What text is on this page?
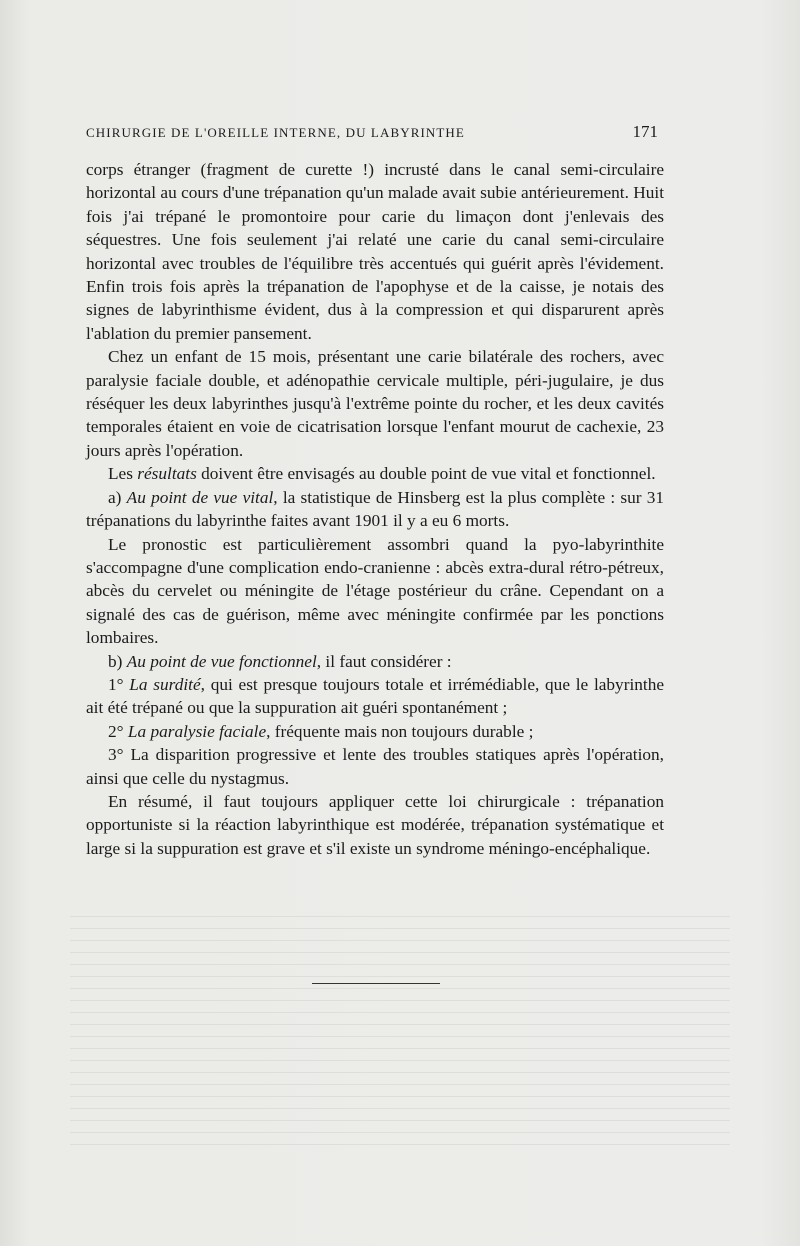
CHIRURGIE DE L'OREILLE INTERNE, DU LABYRINTHE	171

corps étranger (fragment de curette !) incrusté dans le canal semi-circulaire horizontal au cours d'une trépanation qu'un malade avait subie antérieurement. Huit fois j'ai trépané le promontoire pour carie du limaçon dont j'enlevais des séquestres. Une fois seulement j'ai relaté une carie du canal semi-circulaire horizontal avec troubles de l'équilibre très accentués qui guérit après l'évidement. Enfin trois fois après la trépanation de l'apophyse et de la caisse, je notais des signes de labyrinthisme évident, dus à la compression et qui disparurent après l'ablation du premier pansement.

Chez un enfant de 15 mois, présentant une carie bilatérale des rochers, avec paralysie faciale double, et adénopathie cervicale multiple, péri-jugulaire, je dus réséquer les deux labyrinthes jusqu'à l'extrême pointe du rocher, et les deux cavités temporales étaient en voie de cicatrisation lorsque l'enfant mourut de cachexie, 23 jours après l'opération.

Les résultats doivent être envisagés au double point de vue vital et fonctionnel.

a) Au point de vue vital, la statistique de Hinsberg est la plus complète : sur 31 trépanations du labyrinthe faites avant 1901 il y a eu 6 morts.

Le pronostic est particulièrement assombri quand la pyo-labyrinthite s'accompagne d'une complication endo-cranienne : abcès extra-dural rétro-pétreux, abcès du cervelet ou méningite de l'étage postérieur du crâne. Cependant on a signalé des cas de guérison, même avec méningite confirmée par les ponctions lombaires.

b) Au point de vue fonctionnel, il faut considérer :

1° La surdité, qui est presque toujours totale et irrémédiable, que le labyrinthe ait été trépané ou que la suppuration ait guéri spontanément ;

2° La paralysie faciale, fréquente mais non toujours durable ;

3° La disparition progressive et lente des troubles statiques après l'opération, ainsi que celle du nystagmus.

En résumé, il faut toujours appliquer cette loi chirurgicale : trépanation opportuniste si la réaction labyrinthique est modérée, trépanation systématique et large si la suppuration est grave et s'il existe un syndrome méningo-encéphalique.
